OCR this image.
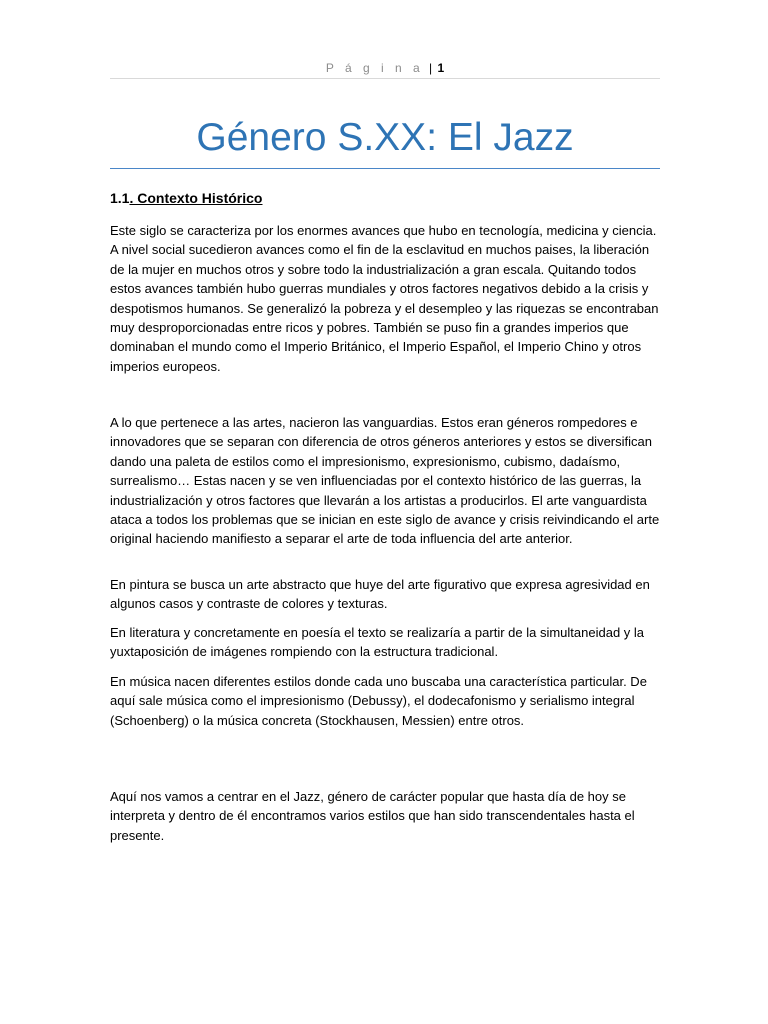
P á g i n a | 1
Género S.XX: El Jazz
1.1. Contexto Histórico

Este siglo se caracteriza por los enormes avances que hubo en tecnología, medicina y ciencia. A nivel social sucedieron avances como el fin de la esclavitud en muchos paises, la liberación de la mujer en muchos otros y sobre todo la industrialización a gran escala. Quitando todos estos avances también hubo guerras mundiales y otros factores negativos debido a la crisis y despotismos humanos. Se generalizó la pobreza y el desempleo y las riquezas se encontraban muy desproporcionadas entre ricos y pobres. También se puso fin a grandes imperios que dominaban el mundo como el Imperio Británico, el Imperio Español, el Imperio Chino y otros imperios europeos.

A lo que pertenece a las artes, nacieron las vanguardias. Estos eran géneros rompedores e innovadores que se separan con diferencia de otros géneros anteriores y estos se diversifican dando una paleta de estilos como el impresionismo, expresionismo, cubismo, dadaísmo, surrealismo… Estas nacen y se ven influenciadas por el contexto histórico de las guerras, la industrialización y otros factores que llevarán a los artistas a producirlos. El arte vanguardista ataca a todos los problemas que se inician en este siglo de avance y crisis reivindicando el arte original haciendo manifiesto a separar el arte de toda influencia del arte anterior.

En pintura se busca un arte abstracto que huye del arte figurativo que expresa agresividad en algunos casos y contraste de colores y texturas.

En literatura y concretamente en poesía el texto se realizaría a partir de la simultaneidad y la yuxtaposición de imágenes rompiendo con la estructura tradicional.

En música nacen diferentes estilos donde cada uno buscaba una característica particular. De aquí sale música como el impresionismo (Debussy), el dodecafonismo y serialismo integral (Schoenberg) o la música concreta (Stockhausen, Messien) entre otros.

Aquí nos vamos a centrar en el Jazz, género de carácter popular que hasta día de hoy se interpreta y dentro de él encontramos varios estilos que han sido transcendentales hasta el presente.
